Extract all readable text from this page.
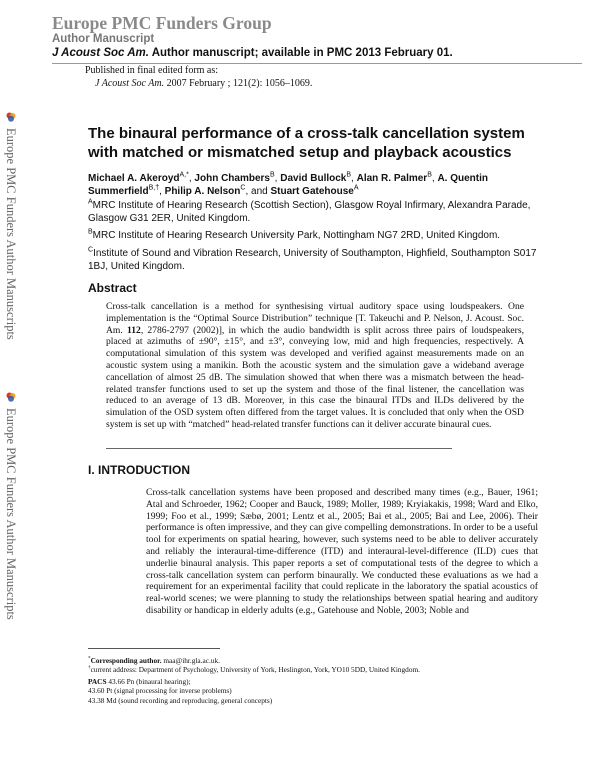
Europe PMC Funders Group
Author Manuscript
J Acoust Soc Am. Author manuscript; available in PMC 2013 February 01.
Published in final edited form as:
J Acoust Soc Am. 2007 February ; 121(2): 1056–1069.
Europe PMC Funders Author Manuscripts
Europe PMC Funders Author Manuscripts
The binaural performance of a cross-talk cancellation system with matched or mismatched setup and playback acoustics
Michael A. Akeroyd$^{A,*}$, John Chambers$^B$, David Bullock$^B$, Alan R. Palmer$^B$, A. Quentin Summerfield$^{B,\dagger}$, Philip A. Nelson$^C$, and Stuart Gatehouse$^A$
$^A$MRC Institute of Hearing Research (Scottish Section), Glasgow Royal Infirmary, Alexandra Parade, Glasgow G31 2ER, United Kingdom.
$^B$MRC Institute of Hearing Research University Park, Nottingham NG7 2RD, United Kingdom.
$^C$Institute of Sound and Vibration Research, University of Southampton, Highfield, Southampton S017 1BJ, United Kingdom.
Abstract
Cross-talk cancellation is a method for synthesising virtual auditory space using loudspeakers. One implementation is the “Optimal Source Distribution” technique [T. Takeuchi and P. Nelson, J. Acoust. Soc. Am. 112, 2786-2797 (2002)], in which the audio bandwidth is split across three pairs of loudspeakers, placed at azimuths of ±90°, ±15°, and ±3°, conveying low, mid and high frequencies, respectively. A computational simulation of this system was developed and verified against measurements made on an acoustic system using a manikin. Both the acoustic system and the simulation gave a wideband average cancellation of almost 25 dB. The simulation showed that when there was a mismatch between the head-related transfer functions used to set up the system and those of the final listener, the cancellation was reduced to an average of 13 dB. Moreover, in this case the binaural ITDs and ILDs delivered by the simulation of the OSD system often differed from the target values. It is concluded that only when the OSD system is set up with “matched” head-related transfer functions can it deliver accurate binaural cues.
I. INTRODUCTION
Cross-talk cancellation systems have been proposed and described many times (e.g., Bauer, 1961; Atal and Schroeder, 1962; Cooper and Bauck, 1989; Moller, 1989; Kryiakakis, 1998; Ward and Elko, 1999; Foo et al., 1999; Sæbø, 2001; Lentz et al., 2005; Bai et al., 2005; Bai and Lee, 2006). Their performance is often impressive, and they can give compelling demonstrations. In order to be a useful tool for experiments on spatial hearing, however, such systems need to be able to deliver accurately and reliably the interaural-time-difference (ITD) and interaural-level-difference (ILD) cues that underlie binaural analysis. This paper reports a set of computational tests of the degree to which a cross-talk cancellation system can perform binaurally. We conducted these evaluations as we had a requirement for an experimental facility that could replicate in the laboratory the spatial acoustics of real-world scenes; we were planning to study the relationships between spatial hearing and auditory disability or handicap in elderly adults (e.g., Gatehouse and Noble, 2003; Noble and
*Corresponding author. maa@ihr.gla.ac.uk.
†current address: Department of Psychology, University of York, Heslington, York, YO10 5DD, United Kingdom.
PACS 43.66 Pn (binaural hearing);
43.60 Pt (signal processing for inverse problems)
43.38 Md (sound recording and reproducing, general concepts)
